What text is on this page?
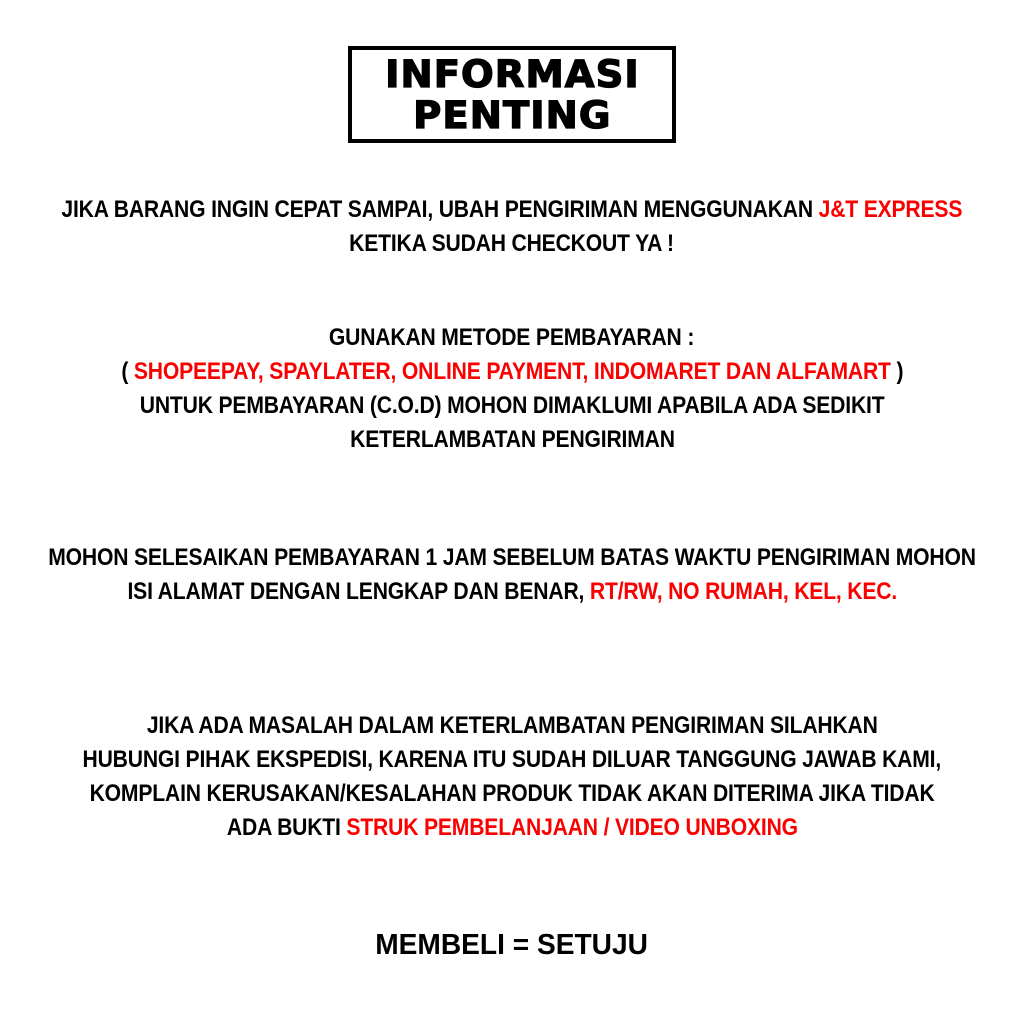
INFORMASI
PENTING
JIKA BARANG INGIN CEPAT SAMPAI, UBAH PENGIRIMAN MENGGUNAKAN J&T EXPRESS
KETIKA SUDAH CHECKOUT YA !
GUNAKAN METODE PEMBAYARAN :
( SHOPEEPAY, SPAYLATER, ONLINE PAYMENT, INDOMARET DAN ALFAMART )
UNTUK PEMBAYARAN (C.O.D) MOHON DIMAKLUMI APABILA ADA SEDIKIT
KETERLAMBATAN PENGIRIMAN
MOHON SELESAIKAN PEMBAYARAN 1 JAM SEBELUM BATAS WAKTU PENGIRIMAN MOHON
ISI ALAMAT DENGAN LENGKAP DAN BENAR, RT/RW, NO RUMAH, KEL, KEC.
JIKA ADA MASALAH DALAM KETERLAMBATAN PENGIRIMAN SILAHKAN
HUBUNGI PIHAK EKSPEDISI, KARENA ITU SUDAH DILUAR TANGGUNG JAWAB KAMI,
KOMPLAIN KERUSAKAN/KESALAHAN PRODUK TIDAK AKAN DITERIMA JIKA TIDAK
ADA BUKTI STRUK PEMBELANJAAN / VIDEO UNBOXING
MEMBELI = SETUJU
